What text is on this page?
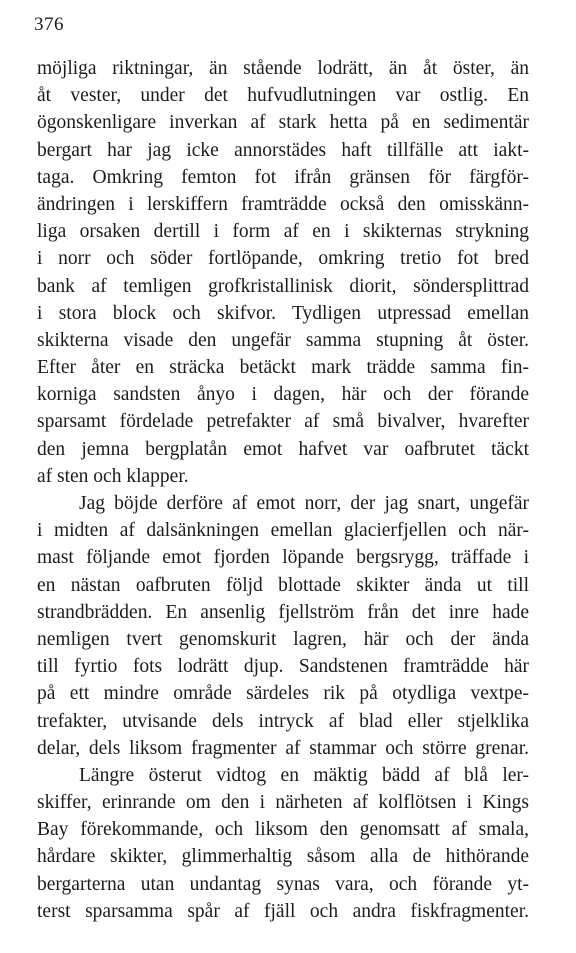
376
möjliga riktningar, än stående lodrätt, än åt öster, än
åt vester, under det hufvudlutningen var ostlig. En
ögonskenligare inverkan af stark hetta på en sedimentär
bergart har jag icke annorstädes haft tillfälle att iakt-
taga. Omkring femton fot ifrån gränsen för färgför-
ändringen i lerskiffern framträdde också den omisskänn-
liga orsaken dertill i form af en i skikternas strykning
i norr och söder fortlöpande, omkring tretio fot bred
bank af temligen grofkristallinisk diorit, söndersplittrad
i stora block och skifvor. Tydligen utpressad emellan
skikterna visade den ungefär samma stupning åt öster.
Efter åter en sträcka betäckt mark trädde samma fin-
korniga sandsten ånyo i dagen, här och der förande
sparsamt fördelade petrefakter af små bivalver, hvarefter
den jemna bergplatån emot hafvet var oafbrutet täckt
af sten och klapper.
Jag böjde derföre af emot norr, der jag snart, ungefär
i midten af dalsänkningen emellan glacierfjellen och när-
mast följande emot fjorden löpande bergsrygg, träffade i
en nästan oafbruten följd blottade skikter ända ut till
strandbrädden. En ansenlig fjellström från det inre hade
nemligen tvert genomskurit lagren, här och der ända
till fyrtio fots lodrätt djup. Sandstenen framträdde här
på ett mindre område särdeles rik på otydliga vextpe-
trefakter, utvisande dels intryck af blad eller stjelklika
delar, dels liksom fragmenter af stammar och större grenar.
Längre österut vidtog en mäktig bädd af blå ler-
skiffer, erinrande om den i närheten af kolflötsen i Kings
Bay förekommande, och liksom den genomsatt af smala,
hårdare skikter, glimmerhaltig såsom alla de hithörande
bergarterna utan undantag synas vara, och förande yt-
terst sparsamma spår af fjäll och andra fiskfragmenter.
